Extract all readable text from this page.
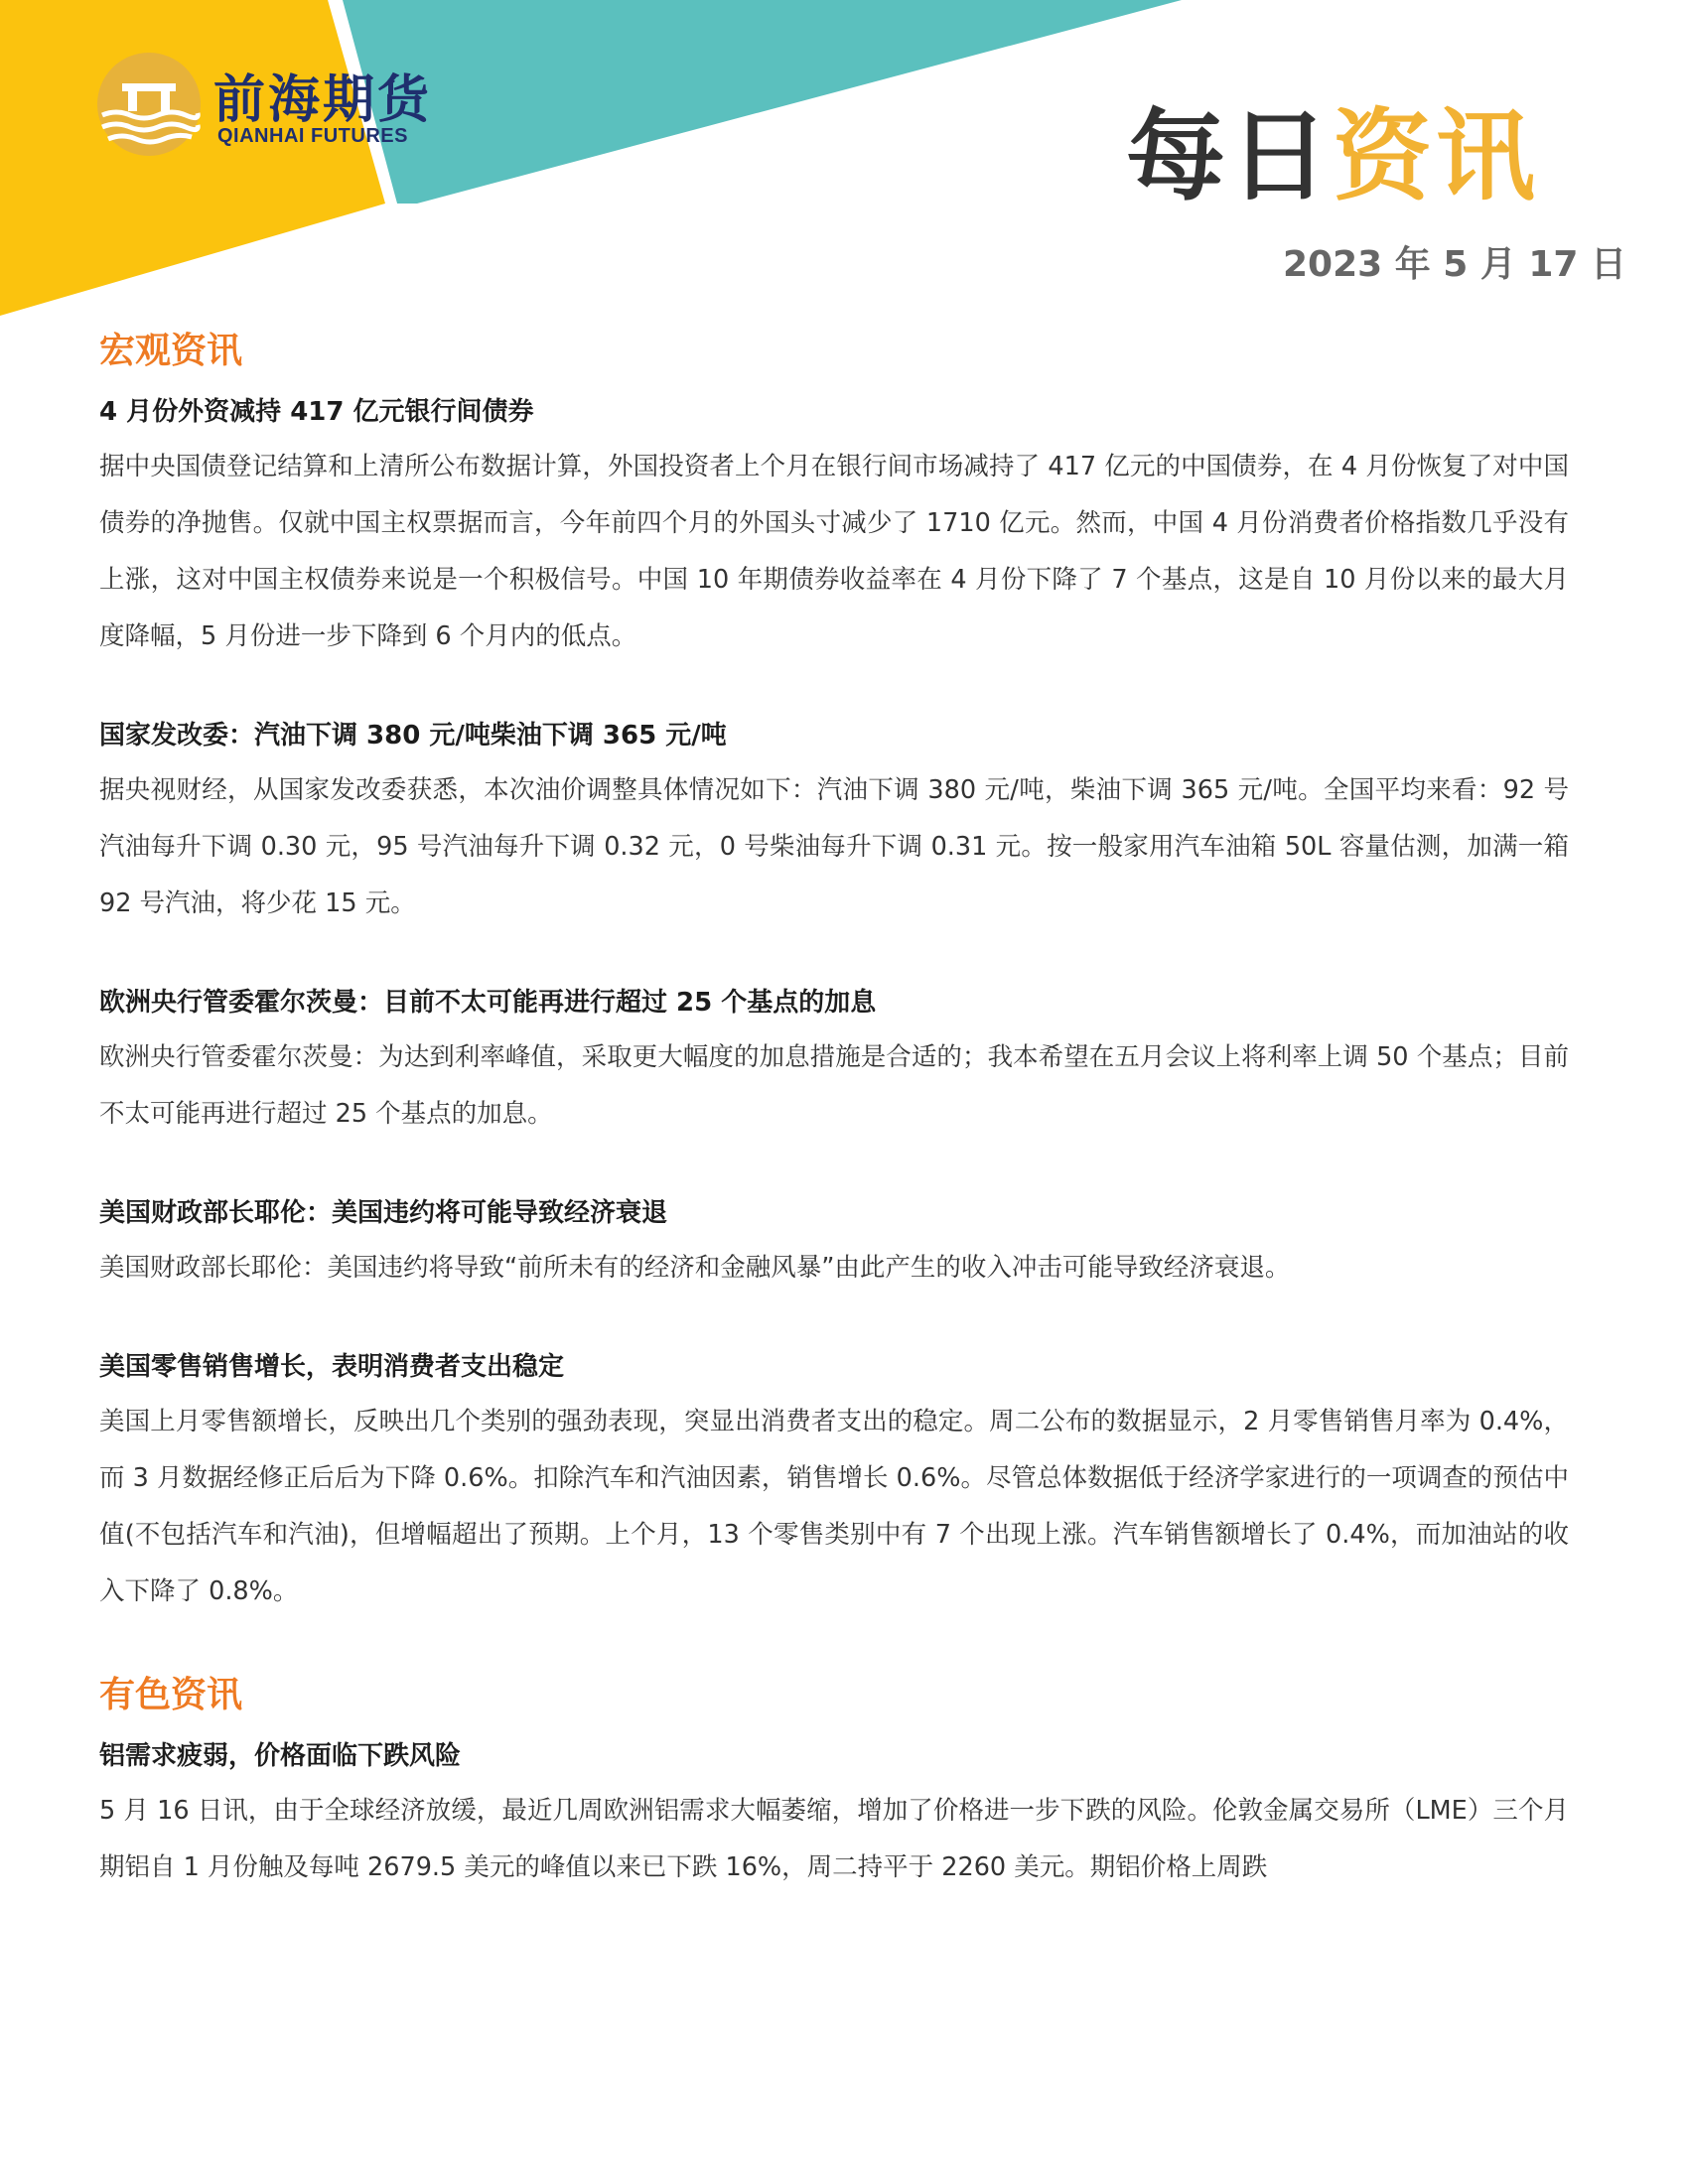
前海期货
QIANHAI FUTURES	每日资讯
2023 年 5 月 17 日
宏观资讯
4 月份外资减持 417 亿元银行间债券

据中央国债登记结算和上清所公布数据计算，外国投资者上个月在银行间市场减持了 417 亿元的中国债券，在 4 月份恢复了对中国债券的净抛售。仅就中国主权票据而言，今年前四个月的外国头寸减少了 1710 亿元。然而，中国 4 月份消费者价格指数几乎没有上涨，这对中国主权债券来说是一个积极信号。中国 10 年期债券收益率在 4 月份下降了 7 个基点，这是自 10 月份以来的最大月度降幅，5 月份进一步下降到 6 个月内的低点。

国家发改委：汽油下调 380 元/吨柴油下调 365 元/吨

据央视财经，从国家发改委获悉，本次油价调整具体情况如下：汽油下调 380 元/吨，柴油下调 365 元/吨。全国平均来看：92 号汽油每升下调 0.30 元，95 号汽油每升下调 0.32 元，0 号柴油每升下调 0.31 元。按一般家用汽车油箱 50L 容量估测，加满一箱 92 号汽油，将少花 15 元。

欧洲央行管委霍尔茨曼：目前不太可能再进行超过 25 个基点的加息

欧洲央行管委霍尔茨曼：为达到利率峰值，采取更大幅度的加息措施是合适的；我本希望在五月会议上将利率上调 50 个基点；目前不太可能再进行超过 25 个基点的加息。

美国财政部长耶伦：美国违约将可能导致经济衰退

美国财政部长耶伦：美国违约将导致“前所未有的经济和金融风暴”由此产生的收入冲击可能导致经济衰退。

美国零售销售增长，表明消费者支出稳定

美国上月零售额增长，反映出几个类别的强劲表现，突显出消费者支出的稳定。周二公布的数据显示，2 月零售销售月率为 0.4%，而 3 月数据经修正后后为下降 0.6%。扣除汽车和汽油因素，销售增长 0.6%。尽管总体数据低于经济学家进行的一项调查的预估中值(不包括汽车和汽油)，但增幅超出了预期。上个月，13 个零售类别中有 7 个出现上涨。汽车销售额增长了 0.4%，而加油站的收入下降了 0.8%。

有色资讯
铝需求疲弱，价格面临下跌风险

5 月 16 日讯，由于全球经济放缓，最近几周欧洲铝需求大幅萎缩，增加了价格进一步下跌的风险。伦敦金属交易所（LME）三个月期铝自 1 月份触及每吨 2679.5 美元的峰值以来已下跌 16%，周二持平于 2260 美元。期铝价格上周跌
